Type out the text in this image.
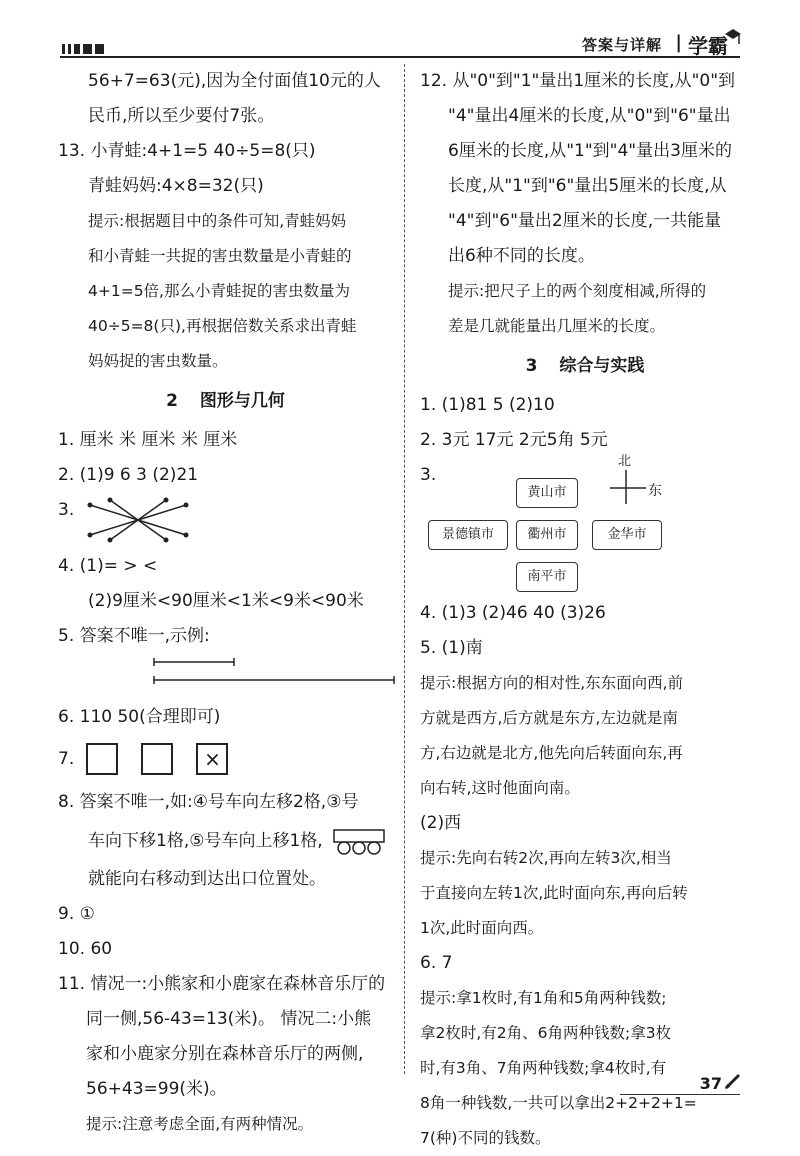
答案与详解 | 学霸
56+7=63(元),因为全付面值10元的人
民币,所以至少要付7张。
13. 小青蛙:4+1=5 40÷5=8(只)
青蛙妈妈:4×8=32(只)
提示:根据题目中的条件可知,青蛙妈妈
和小青蛙一共捉的害虫数量是小青蛙的
4+1=5倍,那么小青蛙捉的害虫数量为
40÷5=8(只),再根据倍数关系求出青蛙
妈妈捉的害虫数量。
2 图形与几何
1. 厘米 米 厘米 米 厘米
2. (1)9 6 3 (2)21
3.
4. (1)= > <
(2)9厘米<90厘米<1米<9米<90米
5. 答案不唯一,示例:
6. 110 50(合理即可)
7.	×
8. 答案不唯一,如:④号车向左移2格,③号
车向下移1格,⑤号车向上移1格,
就能向右移动到达出口位置处。
9. ①
10. 60
11. 情况一:小熊家和小鹿家在森林音乐厅的
同一侧,56-43=13(米)。 情况二:小熊
家和小鹿家分别在森林音乐厅的两侧,
56+43=99(米)。
提示:注意考虑全面,有两种情况。
12. 从"0"到"1"量出1厘米的长度,从"0"到
"4"量出4厘米的长度,从"0"到"6"量出
6厘米的长度,从"1"到"4"量出3厘米的
长度,从"1"到"6"量出5厘米的长度,从
"4"到"6"量出2厘米的长度,一共能量
出6种不同的长度。
提示:把尺子上的两个刻度相减,所得的
差是几就能量出几厘米的长度。
3 综合与实践
1. (1)81 5 (2)10
2. 3元 17元 2元5角 5元
3.
北
东
黄山市
景德镇市	衢州市	金华市
南平市
4. (1)3 (2)46 40 (3)26
5. (1)南
提示:根据方向的相对性,东东面向西,前
方就是西方,后方就是东方,左边就是南
方,右边就是北方,他先向后转面向东,再
向右转,这时他面向南。
(2)西
提示:先向右转2次,再向左转3次,相当
于直接向左转1次,此时面向东,再向后转
1次,此时面向西。
6. 7
提示:拿1枚时,有1角和5角两种钱数;
拿2枚时,有2角、6角两种钱数;拿3枚
时,有3角、7角两种钱数;拿4枚时,有
8角一种钱数,一共可以拿出2+2+2+1=
7(种)不同的钱数。
37
